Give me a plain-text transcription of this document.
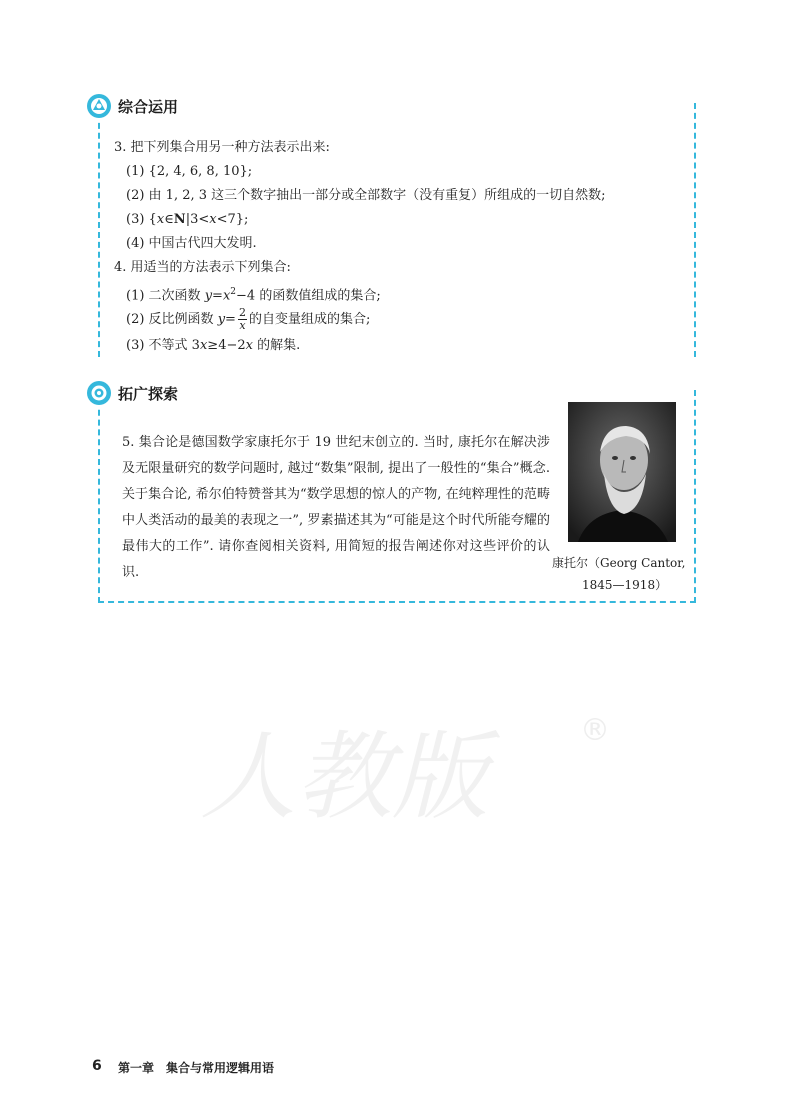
综合运用
3. 把下列集合用另一种方法表示出来:
(1) {2, 4, 6, 8, 10};
(2) 由 1, 2, 3 这三个数字抽出一部分或全部数字（没有重复）所组成的一切自然数;
(3) {x∈N|3<x<7};
(4) 中国古代四大发明.
4. 用适当的方法表示下列集合:
(1) 二次函数 $y=x^2-4$ 的函数值组成的集合;
(2) 反比例函数 $y= \frac{2}{x}$ 的自变量组成的集合;
(3) 不等式 3x≥4−2x 的解集.
拓广探索
5. 集合论是德国数学家康托尔于 19 世纪末创立的. 当时, 康托尔在解决涉及无限量研究的数学问题时, 越过“数集”限制, 提出了一般性的“集合”概念. 关于集合论, 希尔伯特赞誉其为“数学思想的惊人的产物, 在纯粹理性的范畴中人类活动的最美的表现之一”, 罗素描述其为“可能是这个时代所能夸耀的最伟大的工作”. 请你查阅相关资料, 用简短的报告阐述你对这些评价的认识.
康托尔（Georg Cantor,
1845—1918）
人教版	®
6 第一章　集合与常用逻辑用语
